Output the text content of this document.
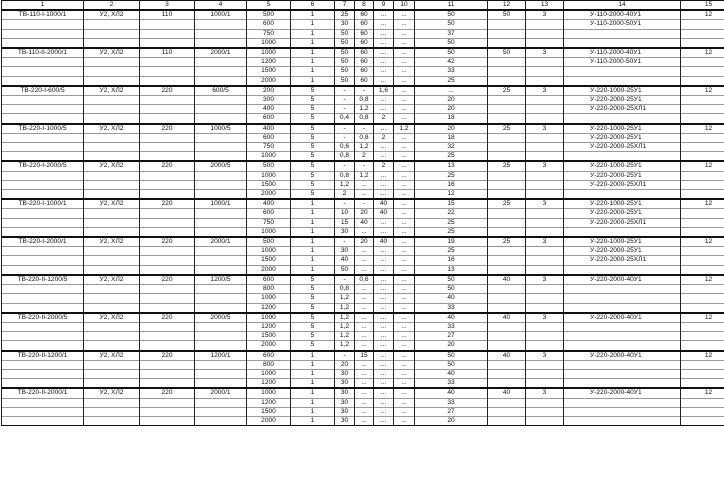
1	2	3	4	5	6	7	8	9	10	11	12	13	14	15
ТВ-110-І-1000/1	У2, ХЛ2	110	1000/1	500	1	25	60	...	...	50	50	3	У-110-2000-40У1	12
				600	1	30	60	...	...	50			У-110-2000-50У1	
				750	1	50	60	...	...	37				
				1000	1	50	60	...	...	50				
ТВ-110-ІІ-2000/1	У2, ХЛ2	110	2000/1	1000	1	50	60	...	...	50	50	3	У-110-2000-40У1	12
				1200	1	50	60	...	...	42			У-110-2000-50У1	
				1500	1	50	60	...	...	33				
				2000	1	50	60	...	...	25				
ТВ-220-І-600/5	У2, ХЛ2	220	600/5	200	5	-	-	1,6	...	...	25	3	У-220-1000-25У1	12
				300	5	-	0,8	...	...	20			У-220-2000-25У1	
				400	5	-	1,2	...	...	20			У-220-2000-25ХЛ1	
				600	5	0,4	0,8	2	...	18				
ТВ-220-І-1000/5	У2, ХЛ2	220	1000/5	400	5	-	-	...	1,2	20	25	3	У-220-1000-25У1	12
				600	5	-	0,8	2	...	18			У-220-2000-25У1	
				750	5	0,6	1,2	...	...	32			У-220-2000-25ХЛ1	
				1000	5	0,8	2	...	...	25				
ТВ-220-І-2000/5	У2, ХЛ2	220	2000/5	500	5	-	-	2	...	13	25	3	У-220-1000-25У1	12
				1000	5	0,8	1,2	...	...	25			У-220-2000-25У1	
				1500	5	1,2	...	...	...	16			У-220-2000-25ХЛ1	
				2000	5	2	...	...	...	12				
ТВ-220-І-1000/1	У2, ХЛ2	220	1000/1	400	1	-	-	40	...	15	25	3	У-220-1000-25У1	12
				600	1	10	20	40	...	22			У-220-2000-25У1	
				750	1	15	40	...	...	25			У-220-2000-25ХЛ1	
				1000	1	30	...	...	...	25				
ТВ-220-І-2000/1	У2, ХЛ2	220	2000/1	500	1	-	20	40	...	19	25	3	У-220-1000-25У1	12
				1000	1	30	...	...	...	25			У-220-2000-25У1	
				1500	1	40	...	...	...	16			У-220-2000-25ХЛ1	
				2000	1	50	...	...	...	13				
ТВ-220-ІІ-1200/5	У2, ХЛ2	220	1200/5	600	5	-	0,6	...	...	50	40	3	У-220-2000-40У1	12
				800	5	0,8	...	...	...	50				
				1000	5	1,2	...	...	...	40				
				1200	5	1,2	...	...	...	33				
ТВ-220-ІІ-2000/5	У2, ХЛ2	220	2000/5	1000	5	1,2	...	...	...	40	40	3	У-220-2000-40У1	12
				1200	5	1,2	...	...	...	33				
				1500	5	1,2	...	...	...	27				
				2000	5	1,2	...	...	...	20				
ТВ-220-ІІ-1200/1	У2, ХЛ2	220	1200/1	600	1	-	15	...	...	50	40	3	У-220-2000-40У1	12
				800	1	20	...	...	...	50				
				1000	1	30	...	...	...	40				
				1200	1	30	...	...	...	33				
ТВ-220-ІІ-2000/1	У2, ХЛ2	220	2000/1	1000	1	30	...	...	...	40	40	3	У-220-2000-40У1	12
				1200	1	30	...	...	...	33				
				1500	1	30	...	...	...	27				
				2000	1	30	...	...	...	20				
